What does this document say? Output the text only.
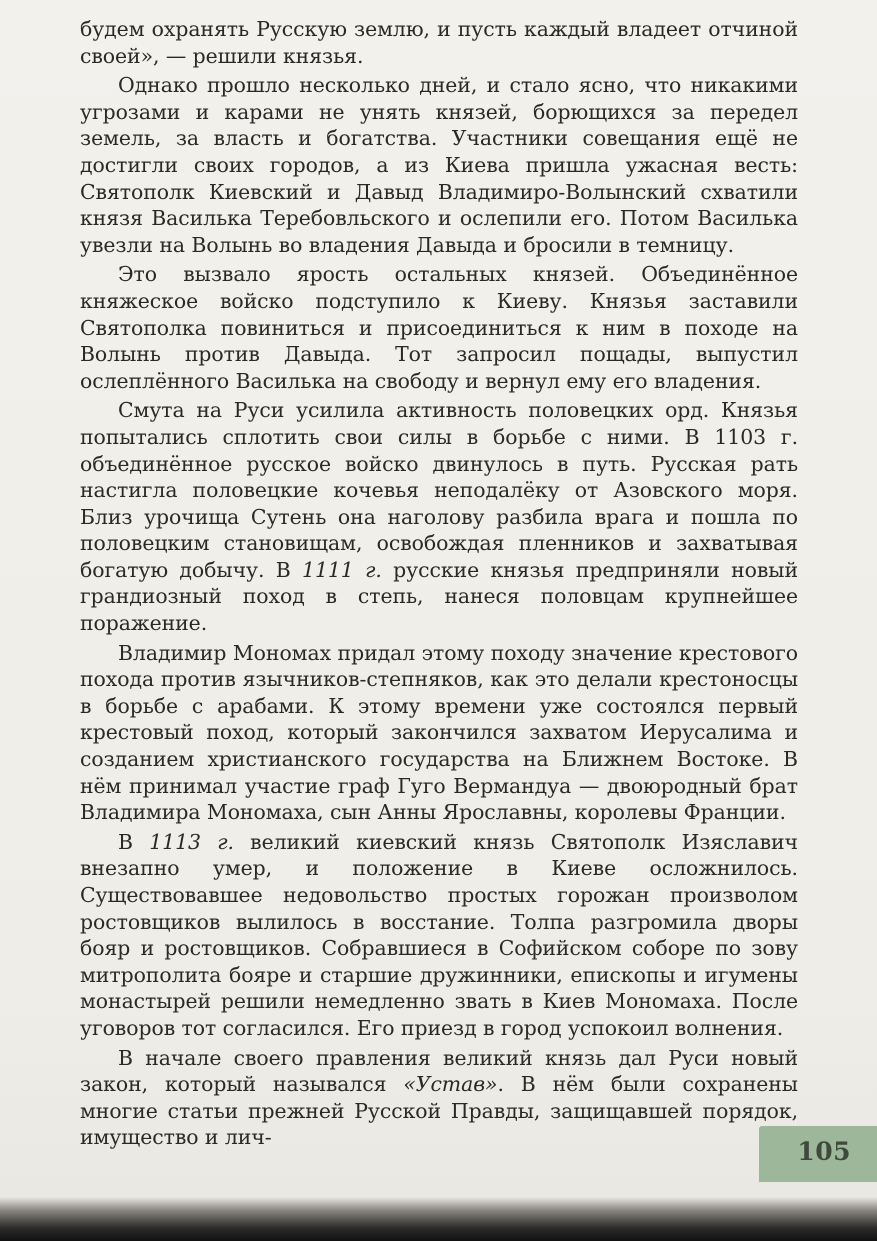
будем охранять Русскую землю, и пусть каждый владеет отчиной своей», — решили князья.

Однако прошло несколько дней, и стало ясно, что никакими угрозами и карами не унять князей, борющихся за передел земель, за власть и богатства. Участники совещания ещё не достигли своих городов, а из Киева пришла ужасная весть: Святополк Киевский и Давыд Владимиро-Волынский схватили князя Василька Теребовльского и ослепили его. Потом Василька увезли на Волынь во владения Давыда и бросили в темницу.

Это вызвало ярость остальных князей. Объединённое княжеское войско подступило к Киеву. Князья заставили Святополка повиниться и присоединиться к ним в походе на Волынь против Давыда. Тот запросил пощады, выпустил ослеплённого Василька на свободу и вернул ему его владения.

Смута на Руси усилила активность половецких орд. Князья попытались сплотить свои силы в борьбе с ними. В 1103 г. объединённое русское войско двинулось в путь. Русская рать настигла половецкие кочевья неподалёку от Азовского моря. Близ урочища Сутень она наголову разбила врага и пошла по половецким становищам, освобождая пленников и захватывая богатую добычу. В 1111 г. русские князья предприняли новый грандиозный поход в степь, нанеся половцам крупнейшее поражение.

Владимир Мономах придал этому походу значение крестового похода против язычников-степняков, как это делали крестоносцы в борьбе с арабами. К этому времени уже состоялся первый крестовый поход, который закончился захватом Иерусалима и созданием христианского государства на Ближнем Востоке. В нём принимал участие граф Гуго Вермандуа — двоюродный брат Владимира Мономаха, сын Анны Ярославны, королевы Франции.

В 1113 г. великий киевский князь Святополк Изяславич внезапно умер, и положение в Киеве осложнилось. Существовавшее недовольство простых горожан произволом ростовщиков вылилось в восстание. Толпа разгромила дворы бояр и ростовщиков. Собравшиеся в Софийском соборе по зову митрополита бояре и старшие дружинники, епископы и игумены монастырей решили немедленно звать в Киев Мономаха. После уговоров тот согласился. Его приезд в город успокоил волнения.

В начале своего правления великий князь дал Руси новый закон, который назывался «Устав». В нём были сохранены многие статьи прежней Русской Правды, защищавшей порядок, имущество и лич-	105
